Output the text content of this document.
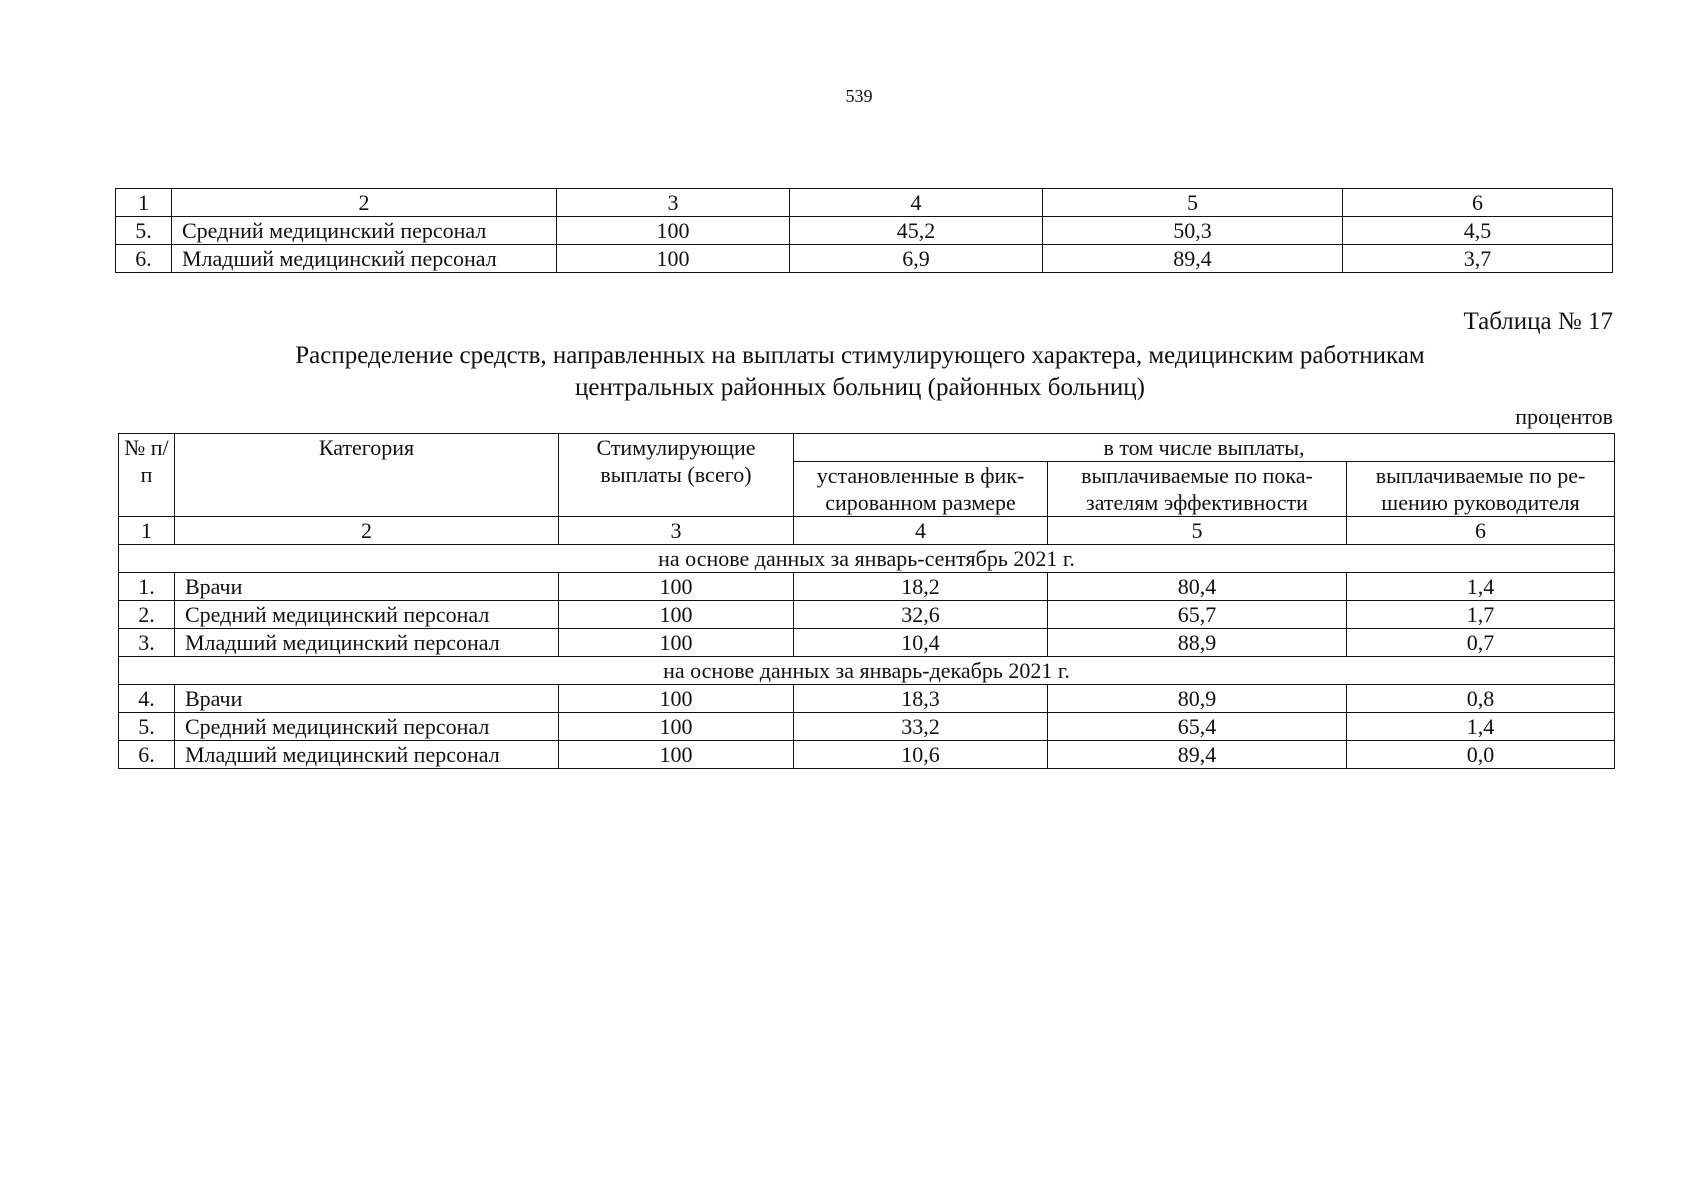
539
1	2	3	4	5	6
5.	Средний медицинский персонал	100	45,2	50,3	4,5
6.	Младший медицинский персонал	100	6,9	89,4	3,7
Таблица № 17
Распределение средств, направленных на выплаты стимулирующего характера, медицинским работникам
центральных районных больниц (районных больниц)
процентов
№ п/п	Категория	Стимулирующие выплаты (всего)	в том числе выплаты,		
			установленные в фик-сированном размере	выплачиваемые по пока-зателям эффективности	выплачиваемые по ре-шению руководителя
1	2	3	4	5	6
на основе данных за январь-сентябрь 2021 г.					
1.	Врачи	100	18,2	80,4	1,4
2.	Средний медицинский персонал	100	32,6	65,7	1,7
3.	Младший медицинский персонал	100	10,4	88,9	0,7
на основе данных за январь-декабрь 2021 г.					
4.	Врачи	100	18,3	80,9	0,8
5.	Средний медицинский персонал	100	33,2	65,4	1,4
6.	Младший медицинский персонал	100	10,6	89,4	0,0
